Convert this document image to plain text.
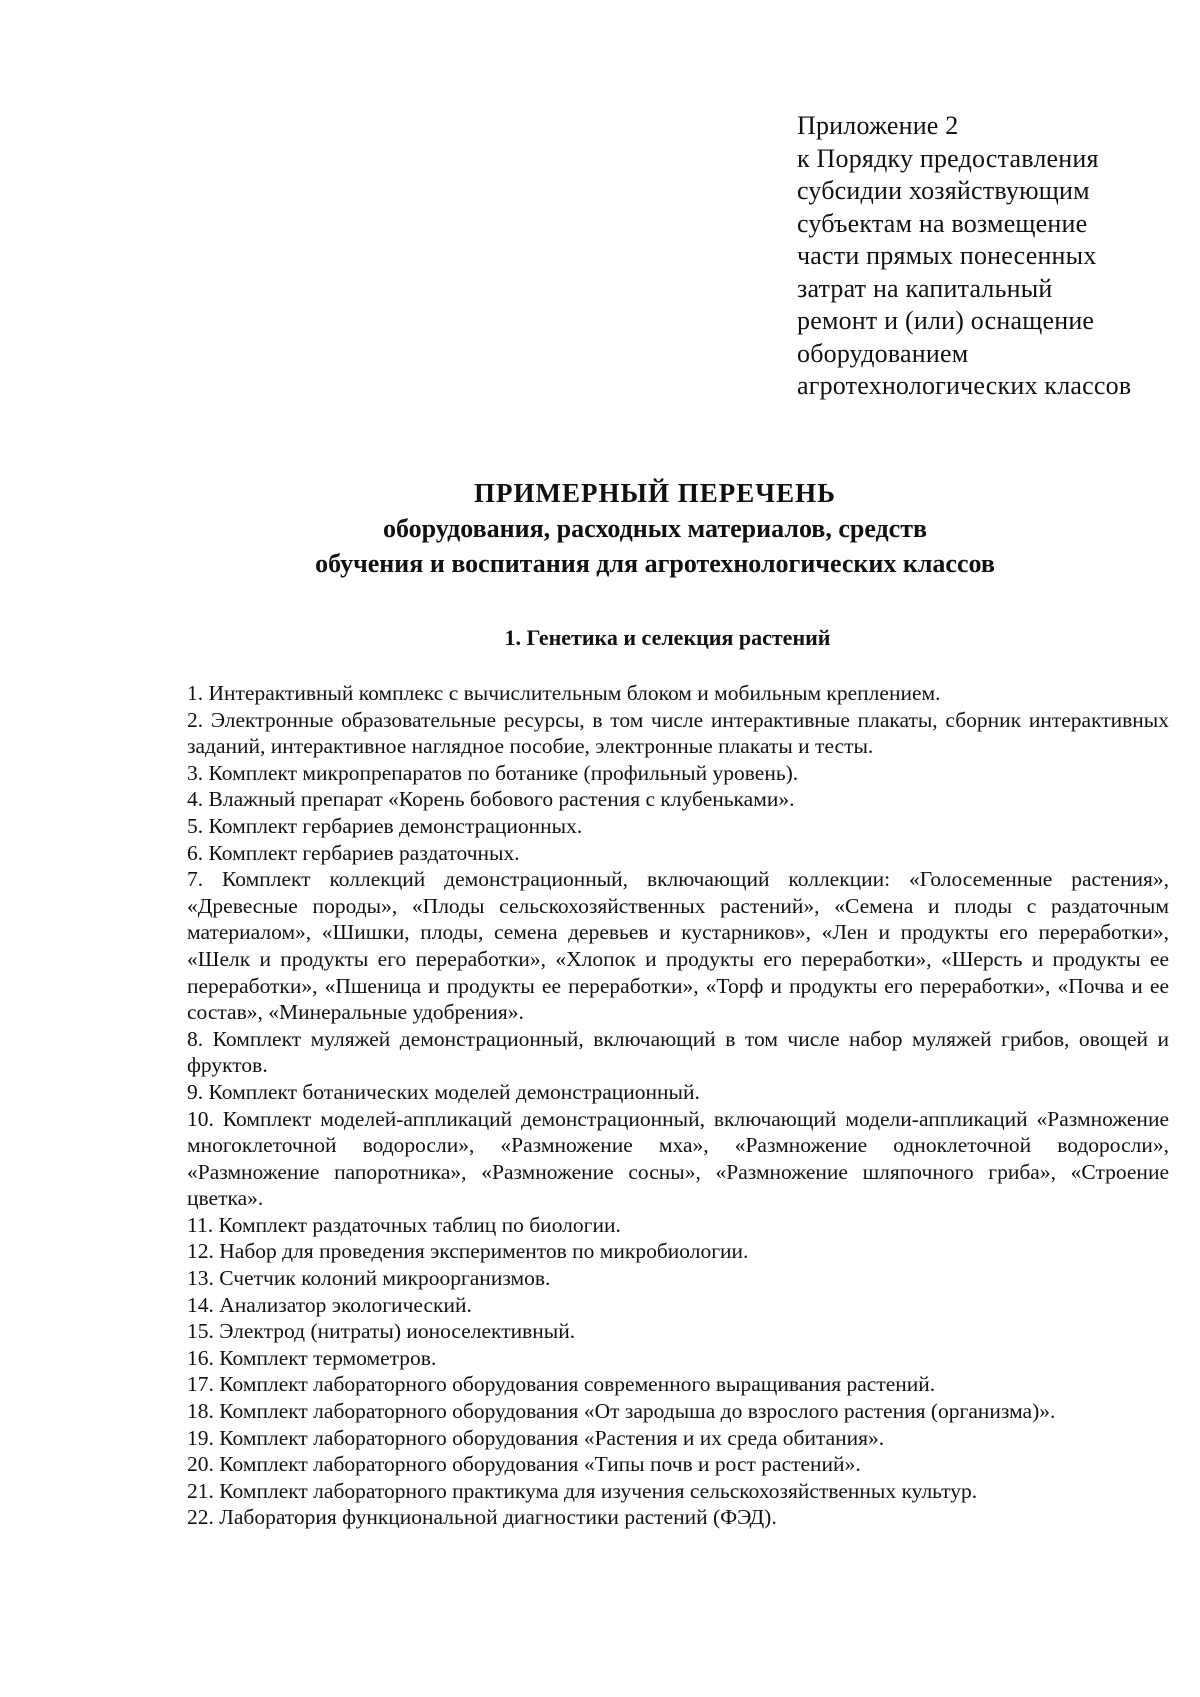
Приложение 2
к Порядку предоставления
субсидии хозяйствующим
субъектам на возмещение
части прямых понесенных
затрат на капитальный
ремонт и (или) оснащение
оборудованием
агротехнологических классов
ПРИМЕРНЫЙ ПЕРЕЧЕНЬ
оборудования, расходных материалов, средств
обучения и воспитания для агротехнологических классов
1. Генетика и селекция растений
1. Интерактивный комплекс с вычислительным блоком и мобильным креплением.
2. Электронные образовательные ресурсы, в том числе интерактивные плакаты, сборник интерактивных заданий, интерактивное наглядное пособие, электронные плакаты и тесты.
3. Комплект микропрепаратов по ботанике (профильный уровень).
4. Влажный препарат «Корень бобового растения с клубеньками».
5. Комплект гербариев демонстрационных.
6. Комплект гербариев раздаточных.
7. Комплект коллекций демонстрационный, включающий коллекции: «Голосеменные растения», «Древесные породы», «Плоды сельскохозяйственных растений», «Семена и плоды с раздаточным материалом», «Шишки, плоды, семена деревьев и кустарников», «Лен и продукты его переработки», «Шелк и продукты его переработки», «Хлопок и продукты его переработки», «Шерсть и продукты ее переработки», «Пшеница и продукты ее переработки», «Торф и продукты его переработки», «Почва и ее состав», «Минеральные удобрения».
8. Комплект муляжей демонстрационный, включающий в том числе набор муляжей грибов, овощей и фруктов.
9. Комплект ботанических моделей демонстрационный.
10. Комплект моделей-аппликаций демонстрационный, включающий модели-аппликаций «Размножение многоклеточной водоросли», «Размножение мха», «Размножение одноклеточной водоросли», «Размножение папоротника», «Размножение сосны», «Размножение шляпочного гриба», «Строение цветка».
11. Комплект раздаточных таблиц по биологии.
12. Набор для проведения экспериментов по микробиологии.
13. Счетчик колоний микроорганизмов.
14. Анализатор экологический.
15. Электрод (нитраты) ионоселективный.
16. Комплект термометров.
17. Комплект лабораторного оборудования современного выращивания растений.
18. Комплект лабораторного оборудования «От зародыша до взрослого растения (организма)».
19. Комплект лабораторного оборудования «Растения и их среда обитания».
20. Комплект лабораторного оборудования «Типы почв и рост растений».
21. Комплект лабораторного практикума для изучения сельскохозяйственных культур.
22. Лаборатория функциональной диагностики растений (ФЭД).
